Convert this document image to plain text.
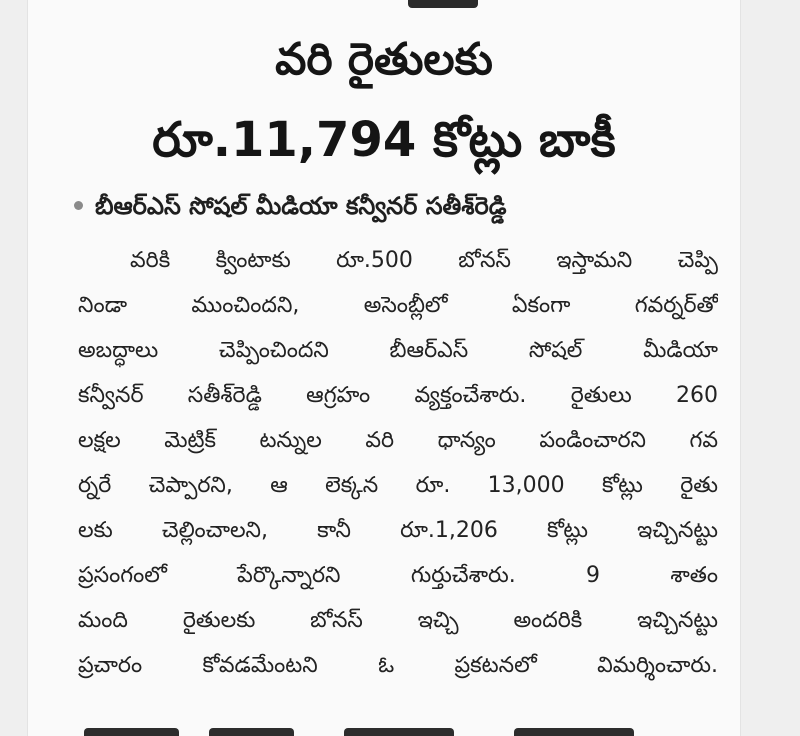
వరి రైతులకు
రూ.11,794 కోట్లు బాకీ
బీఆర్ఎస్ సోషల్ మీడియా కన్వీనర్ సతీశ్‌రెడ్డి
వరికి క్వింటాకు రూ.500 బోనస్ ఇస్తామని చెప్పి
నిండా ముంచిందని, అసెంబ్లీలో ఏకంగా గవర్నర్‌తో
అబద్ధాలు చెప్పించిందని బీఆర్ఎస్ సోషల్ మీడియా
కన్వీనర్ సతీశ్‌రెడ్డి ఆగ్రహం వ్యక్తంచేశారు. రైతులు 260
లక్షల మెట్రిక్ టన్నుల వరి ధాన్యం పండించారని గవ
ర్నరే చెప్పారని, ఆ లెక్కన రూ. 13,000 కోట్లు రైతు
లకు చెల్లించాలని, కానీ రూ.1,206 కోట్లు ఇచ్చినట్టు
ప్రసంగంలో పేర్కొన్నారని గుర్తుచేశారు. 9 శాతం
మంది రైతులకు బోనస్ ఇచ్చి అందరికి ఇచ్చినట్టు
ప్రచారం కోవడమేంటని ఓ ప్రకటనలో విమర్శించారు.
